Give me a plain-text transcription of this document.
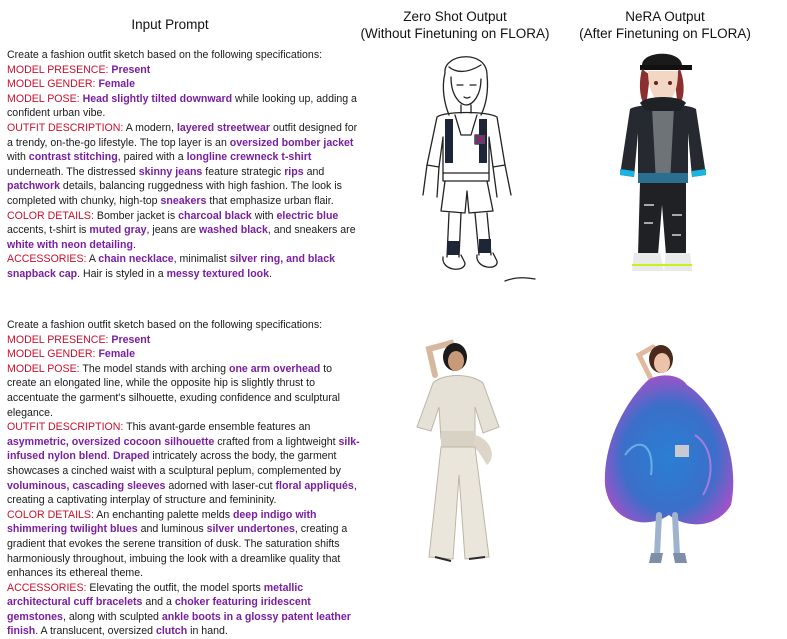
Input Prompt
Zero Shot Output
(Without Finetuning on FLORA)
NeRA Output
(After Finetuning on FLORA)

Create a fashion outfit sketch based on the following specifications:

MODEL PRESENCE: Present

MODEL GENDER: Female

MODEL POSE: Head slightly tilted downward while looking up, adding a confident urban vibe.

OUTFIT DESCRIPTION: A modern, layered streetwear outfit designed for a trendy, on-the-go lifestyle. The top layer is an oversized bomber jacket with contrast stitching, paired with a longline crewneck t-shirt underneath. The distressed skinny jeans feature strategic rips and patchwork details, balancing ruggedness with high fashion. The look is completed with chunky, high-top sneakers that emphasize urban flair.

COLOR DETAILS: Bomber jacket is charcoal black with electric blue accents, t-shirt is muted gray, jeans are washed black, and sneakers are white with neon detailing.

ACCESSORIES: A chain necklace, minimalist silver ring, and black snapback cap. Hair is styled in a messy textured look.

Create a fashion outfit sketch based on the following specifications:

MODEL PRESENCE: Present

MODEL GENDER: Female

MODEL POSE: The model stands with arching one arm overhead to create an elongated line, while the opposite hip is slightly thrust to accentuate the garment's silhouette, exuding confidence and sculptural elegance.

OUTFIT DESCRIPTION: This avant-garde ensemble features an asymmetric, oversized cocoon silhouette crafted from a lightweight silk-infused nylon blend. Draped intricately across the body, the garment showcases a cinched waist with a sculptural peplum, complemented by voluminous, cascading sleeves adorned with laser-cut floral appliqués, creating a captivating interplay of structure and femininity.

COLOR DETAILS: An enchanting palette melds deep indigo with shimmering twilight blues and luminous silver undertones, creating a gradient that evokes the serene transition of dusk. The saturation shifts harmoniously throughout, imbuing the look with a dreamlike quality that enhances its ethereal theme.

ACCESSORIES: Elevating the outfit, the model sports metallic architectural cuff bracelets and a choker featuring iridescent gemstones, along with sculpted ankle boots in a glossy patent leather finish. A translucent, oversized clutch in hand.
